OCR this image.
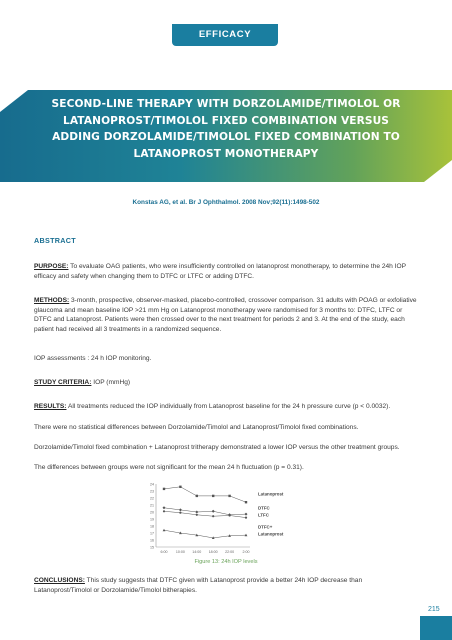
EFFICACY
SECOND-LINE THERAPY WITH DORZOLAMIDE/TIMOLOL OR LATANOPROST/TIMOLOL FIXED COMBINATION VERSUS ADDING DORZOLAMIDE/TIMOLOL FIXED COMBINATION TO LATANOPROST MONOTHERAPY
Konstas AG, et al. Br J Ophthalmol. 2008 Nov;92(11):1498-502
ABSTRACT
PURPOSE: To evaluate OAG patients, who were insufficiently controlled on latanoprost monotherapy, to determine the 24h IOP efficacy and safety when changing them to DTFC or LTFC or adding DTFC.
METHODS: 3-month, prospective, observer-masked, placebo-controlled, crossover comparison. 31 adults with POAG or exfoliative glaucoma and mean baseline IOP >21 mm Hg on Latanoprost monotherapy were randomised for 3 months to: DTFC, LTFC or DTFC and Latanoprost. Patients were then crossed over to the next treatment for periods 2 and 3. At the end of the study, each patient had received all 3 treatments in a randomized sequence.
IOP assessments : 24 h IOP monitoring.
STUDY CRITERIA: IOP (mmHg)
RESULTS: All treatments reduced the IOP individually from Latanoprost baseline for the 24 h pressure curve (p < 0.0032).
There were no statistical differences between Dorzolamide/Timolol and Latanoprost/Timolol fixed combinations.
Dorzolamide/Timolol fixed combination + Latanoprost tritherapy demonstrated a lower IOP versus the other treatment groups.
The differences between groups were not significant for the mean 24 h fluctuation (p = 0.31).
24
23
22
21
20
19
18
17
16
15
6:00 10:00 14:00 18:00 22:00 2:00
Latanoprost
DTFC
LTFC
DTFC+
Latanoprost
Figure 13: 24h IOP levels
CONCLUSIONS: This study suggests that DTFC given with Latanoprost provide a better 24h IOP decrease than Latanoprost/Timolol or Dorzolamide/Timolol bitherapies.
215
